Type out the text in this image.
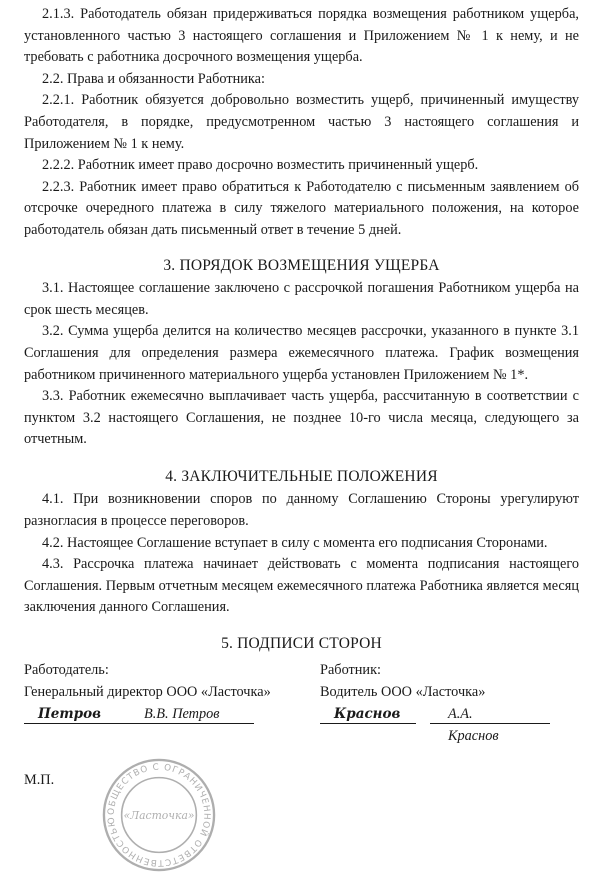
2.1.3. Работодатель обязан придерживаться порядка возмещения работником ущерба, установленного частью 3 настоящего соглашения и Приложением № 1 к нему, и не требовать с работника досрочного возмещения ущерба.

2.2. Права и обязанности Работника:

2.2.1. Работник обязуется добровольно возместить ущерб, причиненный имуществу Работодателя, в порядке, предусмотренном частью 3 настоящего соглашения и Приложением № 1 к нему.

2.2.2. Работник имеет право досрочно возместить причиненный ущерб.

2.2.3. Работник имеет право обратиться к Работодателю с письменным заявлением об отсрочке очередного платежа в силу тяжелого материального положения, на которое работодатель обязан дать письменный ответ в течение 5 дней.

3. ПОРЯДОК ВОЗМЕЩЕНИЯ УЩЕРБА

3.1. Настоящее соглашение заключено с рассрочкой погашения Работником ущерба на срок шесть месяцев.

3.2. Сумма ущерба делится на количество месяцев рассрочки, указанного в пункте 3.1 Соглашения для определения размера ежемесячного платежа. График возмещения работником причиненного материального ущерба установлен Приложением № 1*.

3.3. Работник ежемесячно выплачивает часть ущерба, рассчитанную в соответствии с пунктом 3.2 настоящего Соглашения, не позднее 10-го числа месяца, следующего за отчетным.

4. ЗАКЛЮЧИТЕЛЬНЫЕ ПОЛОЖЕНИЯ

4.1. При возникновении споров по данному Соглашению Стороны урегулируют разногласия в процессе переговоров.

4.2. Настоящее Соглашение вступает в силу с момента его подписания Сторонами.

4.3. Рассрочка платежа начинает действовать с момента подписания настоящего Соглашения. Первым отчетным месяцем ежемесячного платежа Работника является месяц заключения данного Соглашения.

5. ПОДПИСИ СТОРОН
Работодатель:
Генеральный директор ООО «Ласточка»
Петров	В.В. Петров
Работник:
Водитель ООО «Ласточка»
Краснов	А.А. Краснов
М.П.
ОБЩЕСТВО С ОГРАНИЧЕННОЙ ОТВЕТСТВЕННОСТЬЮ «Ласточка»
